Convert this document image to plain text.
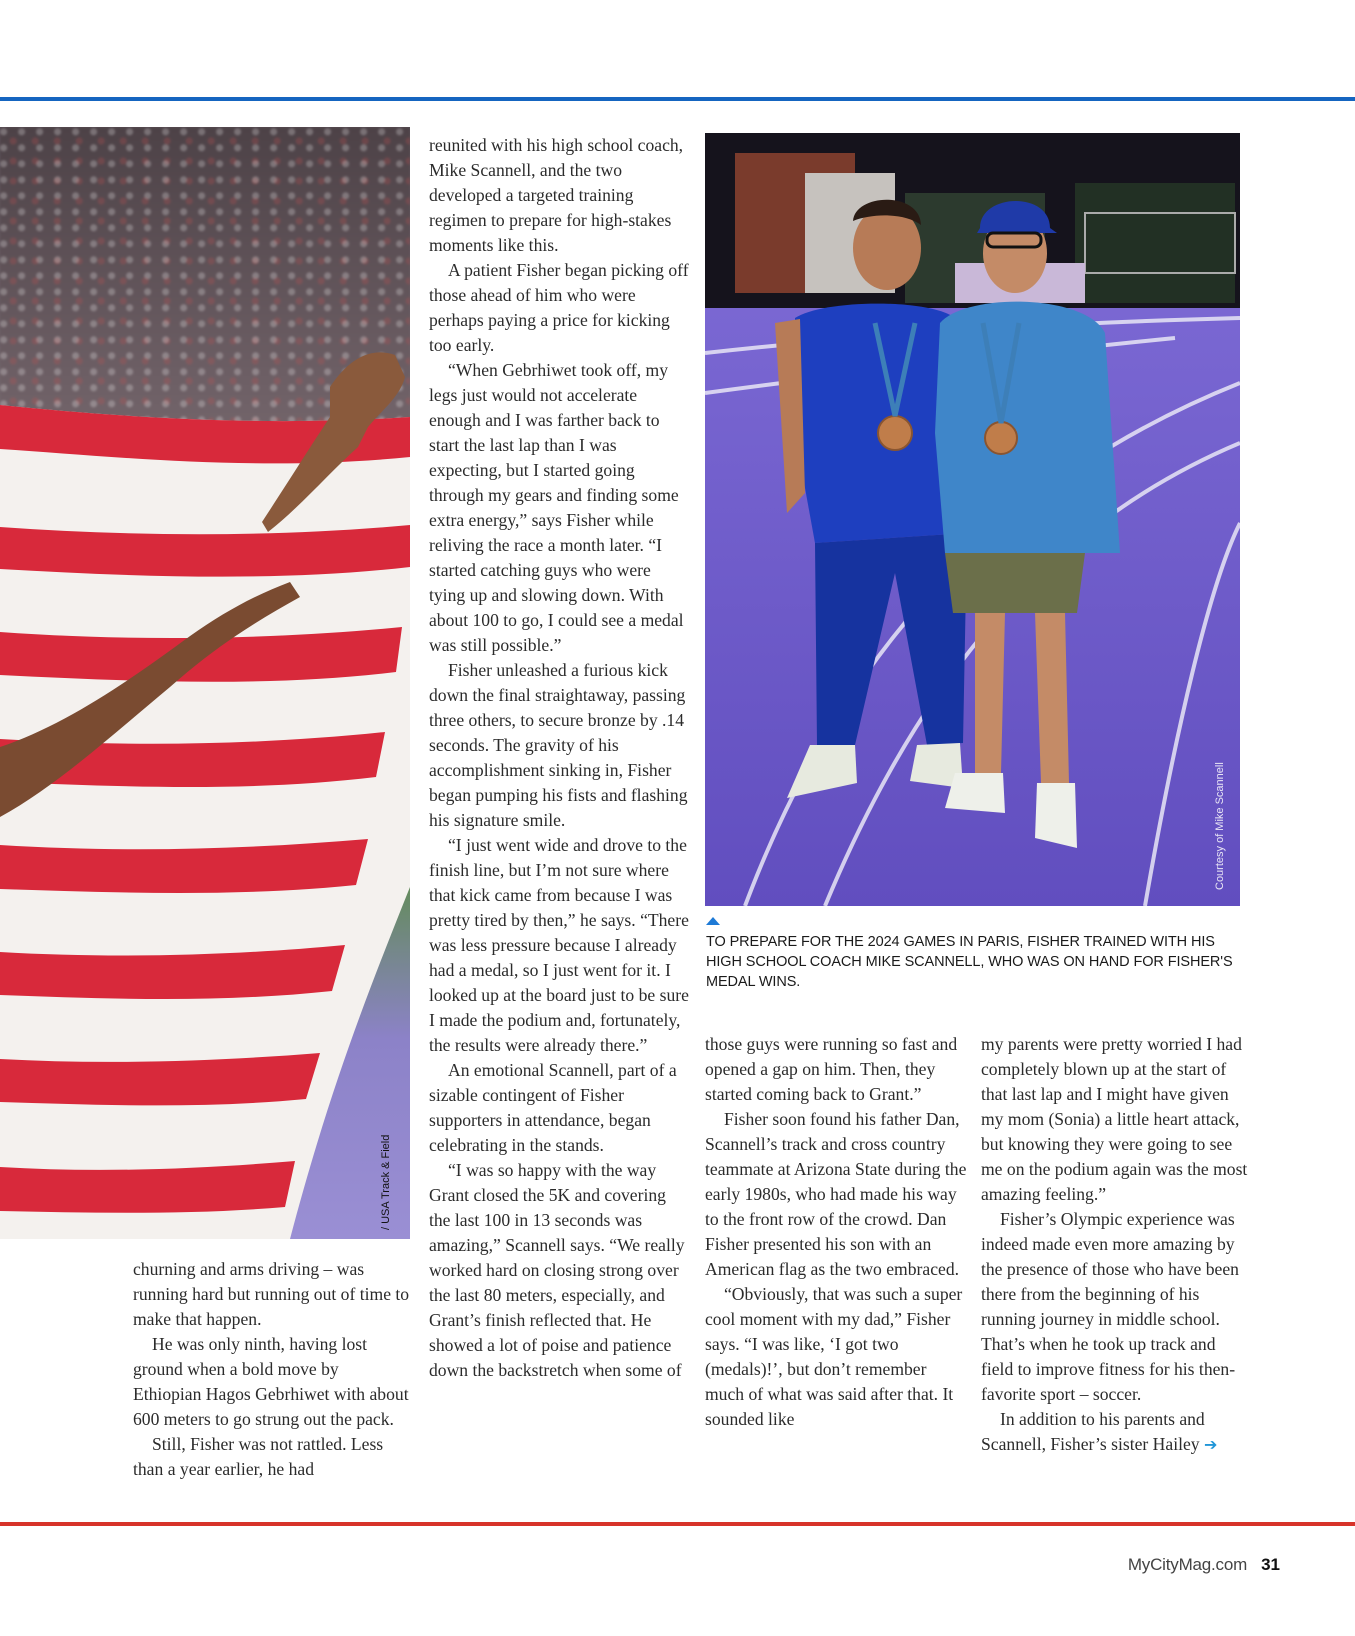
/ USA Track & Field
Courtesy of Mike Scannell
TO PREPARE FOR THE 2024 GAMES IN PARIS, FISHER TRAINED WITH HIS HIGH SCHOOL COACH MIKE SCANNELL, WHO WAS ON HAND FOR FISHER'S MEDAL WINS.

churning and arms driving – was running hard but running out of time to make that happen.

He was only ninth, having lost ground when a bold move by Ethiopian Hagos Gebrhiwet with about 600 meters to go strung out the pack.

Still, Fisher was not rattled. Less than a year earlier, he had

reunited with his high school coach, Mike Scannell, and the two developed a targeted training regimen to prepare for high-stakes moments like this.

A patient Fisher began picking off those ahead of him who were perhaps paying a price for kicking too early.

“When Gebrhiwet took off, my legs just would not accelerate enough and I was farther back to start the last lap than I was expecting, but I started going through my gears and finding some extra energy,” says Fisher while reliving the race a month later. “I started catching guys who were tying up and slowing down. With about 100 to go, I could see a medal was still possible.”

Fisher unleashed a furious kick down the final straightaway, passing three others, to secure bronze by .14 seconds. The gravity of his accomplishment sinking in, Fisher began pumping his fists and flashing his signature smile.

“I just went wide and drove to the finish line, but I’m not sure where that kick came from because I was pretty tired by then,” he says. “There was less pressure because I already had a medal, so I just went for it. I looked up at the board just to be sure I made the podium and, fortunately, the results were already there.”

An emotional Scannell, part of a sizable contingent of Fisher supporters in attendance, began celebrating in the stands.

“I was so happy with the way Grant closed the 5K and covering the last 100 in 13 seconds was amazing,” Scannell says. “We really worked hard on closing strong over the last 80 meters, especially, and Grant’s finish reflected that. He showed a lot of poise and patience down the backstretch when some of

those guys were running so fast and opened a gap on him. Then, they started coming back to Grant.”

Fisher soon found his father Dan, Scannell’s track and cross country teammate at Arizona State during the early 1980s, who had made his way to the front row of the crowd. Dan Fisher presented his son with an American flag as the two embraced.

“Obviously, that was such a super cool moment with my dad,” Fisher says. “I was like, ‘I got two (medals)!’, but don’t remember much of what was said after that. It sounded like

my parents were pretty worried I had completely blown up at the start of that last lap and I might have given my mom (Sonia) a little heart attack, but knowing they were going to see me on the podium again was the most amazing feeling.”

Fisher’s Olympic experience was indeed made even more amazing by the presence of those who have been there from the beginning of his running journey in middle school. That’s when he took up track and field to improve fitness for his then-favorite sport – soccer.

In addition to his parents and Scannell, Fisher’s sister Hailey ➔

MyCityMag.com 31
